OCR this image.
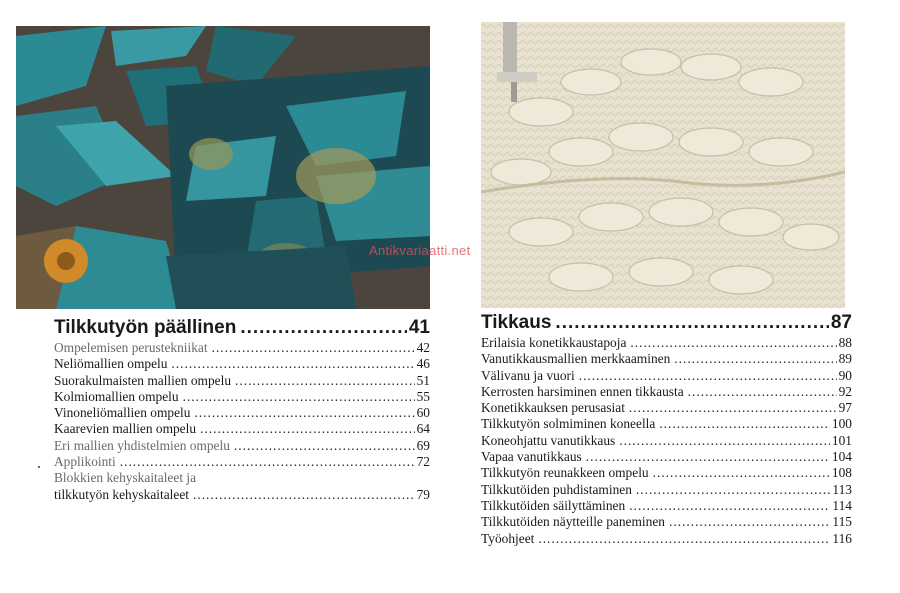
Antikvariaatti.net
Tilkkutyön päällinen .....	41
Ompelemisen perustekniikat .....	42
Neliömallien ompelu .....	46
Suorakulmaisten mallien ompelu .....	51
Kolmiomallien ompelu .....	55
Vinoneliömallien ompelu .....	60
Kaarevien mallien ompelu .....	64
Eri mallien yhdistelmien ompelu .....	69
Applikointi .....	72
Blokkien kehyskaitaleet ja
tilkkutyön kehyskaitaleet .....	79
Tikkaus .....	87
Erilaisia konetikkaustapoja .....	88
Vanutikkausmallien merkkaaminen .....	89
Välivanu ja vuori .....	90
Kerrosten harsiminen ennen tikkausta .....	92
Konetikkauksen perusasiat .....	97
Tilkkutyön solmiminen koneella .....	100
Koneohjattu vanutikkaus .....	101
Vapaa vanutikkaus .....	104
Tilkkutyön reunakkeen ompelu .....	108
Tilkkutöiden puhdistaminen .....	113
Tilkkutöiden säilyttäminen .....	114
Tilkkutöiden näytteille paneminen .....	115
Työohjeet .....	116
